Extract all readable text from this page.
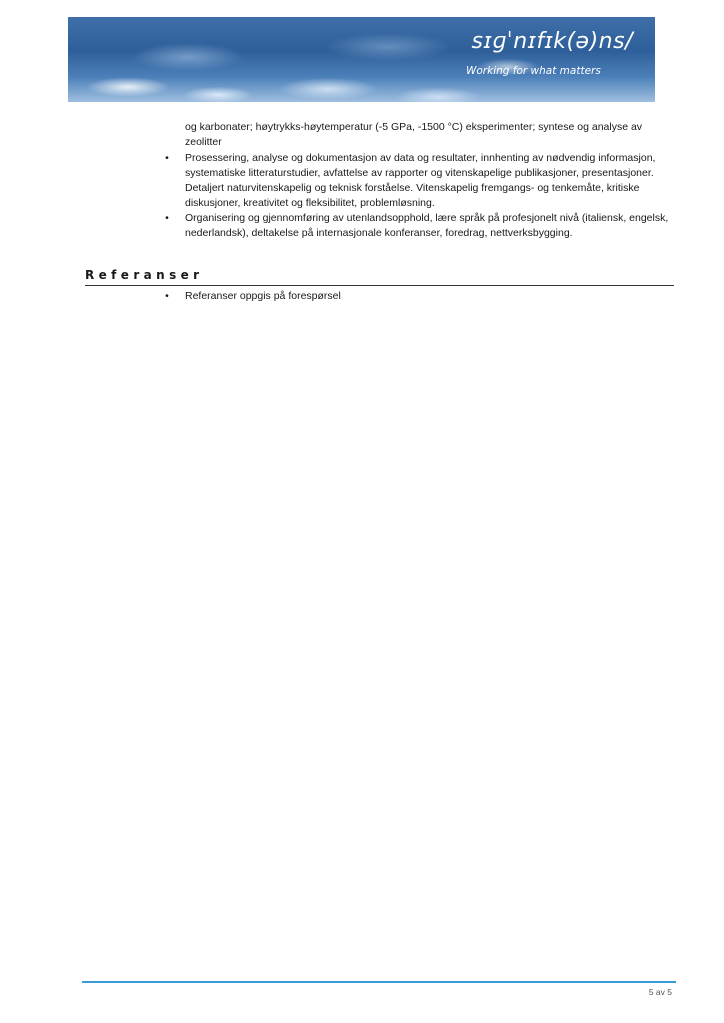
sɪɡˈnɪfɪk(ə)ns/
Working for what matters

og karbonater; høytrykks-høytemperatur (-5 GPa, -1500 °C) eksperimenter; syntese og analyse av zeolitter

•	Prosessering, analyse og dokumentasjon av data og resultater, innhenting av nødvendig informasjon, systematiske litteraturstudier, avfattelse av rapporter og vitenskapelige publikasjoner, presentasjoner. Detaljert naturvitenskapelig og teknisk forståelse. Vitenskapelig fremgangs- og tenkemåte, kritiske diskusjoner, kreativitet og fleksibilitet, problemløsning.
•	Organisering og gjennomføring av utenlandsopphold, lære språk på profesjonelt nivå (italiensk, engelsk, nederlandsk), deltakelse på internasjonale konferanser, foredrag, nettverksbygging.
Referanser
•	Referanser oppgis på forespørsel
5 av 5
